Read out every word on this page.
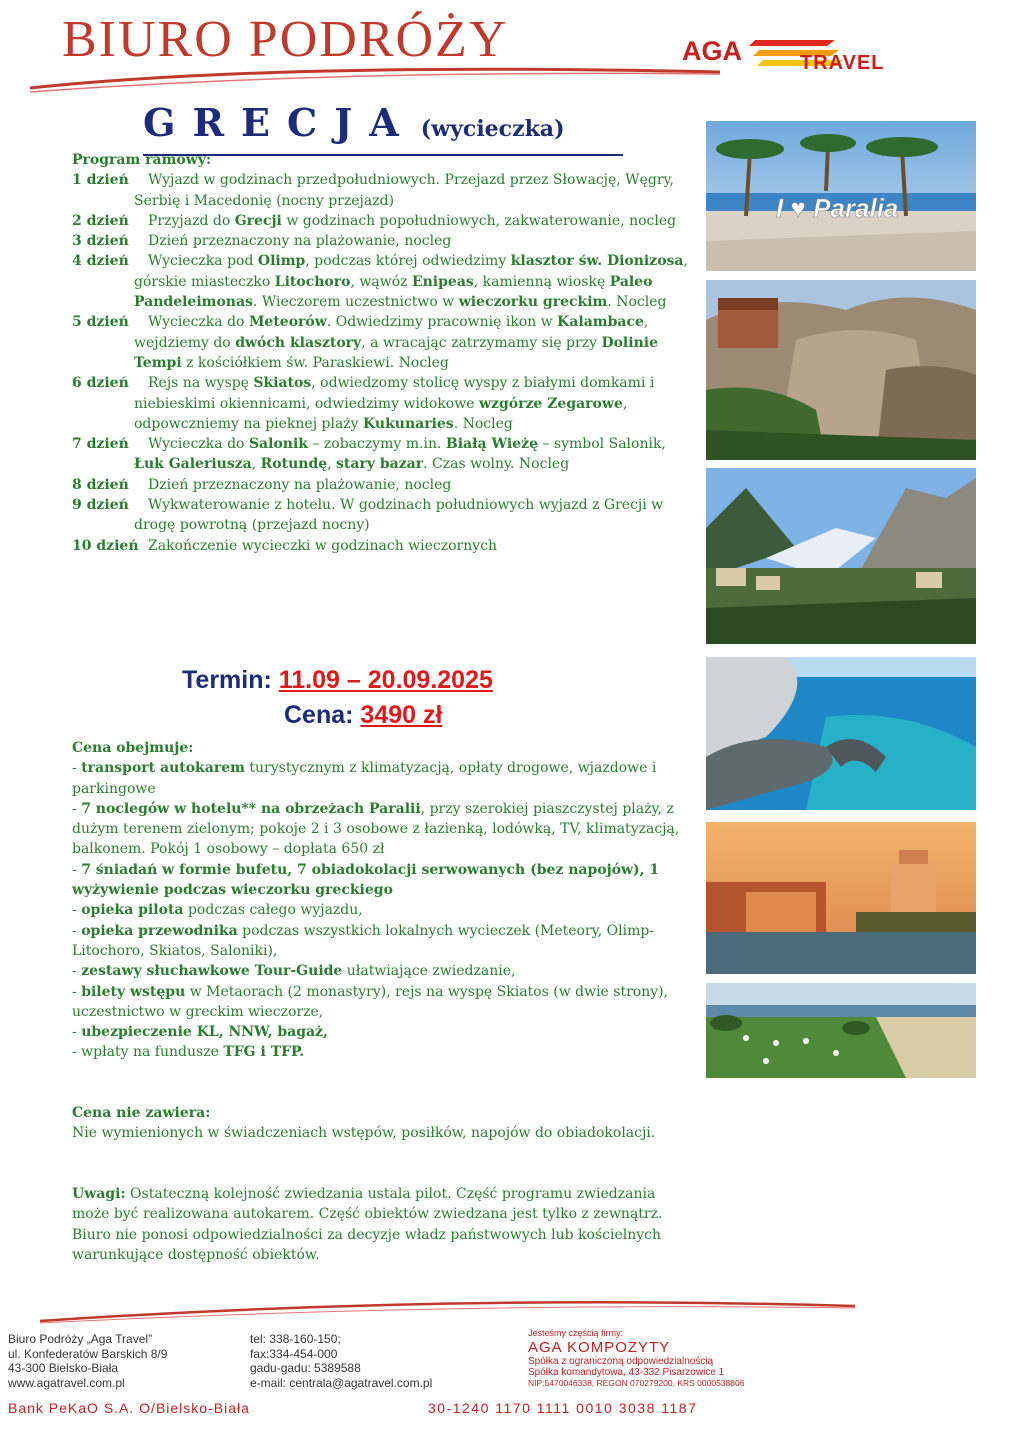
BIURO PODRÓŻY	AGA	TRAVEL
GRECJA (wycieczka)
Program ramowy:
1 dzień Wyjazd w godzinach przedpołudniowych. Przejazd przez Słowację, Węgry, Serbię i Macedonię (nocny przejazd)
2 dzień Przyjazd do Grecji w godzinach popołudniowych, zakwaterowanie, nocleg
3 dzień Dzień przeznaczony na plażowanie, nocleg
4 dzień Wycieczka pod Olimp, podczas której odwiedzimy klasztor św. Dionizosa, górskie miasteczko Litochoro, wąwóz Enipeas, kamienną wioskę Paleo Pandeleimonas. Wieczorem uczestnictwo w wieczorku greckim. Nocleg
5 dzień Wycieczka do Meteorów. Odwiedzimy pracownię ikon w Kalambace, wejdziemy do dwóch klasztory, a wracając zatrzymamy się przy Dolinie Tempi z kościółkiem św. Paraskiewi. Nocleg
6 dzień Rejs na wyspę Skiatos, odwiedzomy stolicę wyspy z białymi domkami i niebieskimi okiennicami, odwiedzimy widokowe wzgórze Zegarowe, odpowczniemy na pieknej plaży Kukunaries. Nocleg
7 dzień Wycieczka do Salonik – zobaczymy m.in. Białą Wieżę – symbol Salonik, Łuk Galeriusza, Rotundę, stary bazar. Czas wolny. Nocleg
8 dzień Dzień przeznaczony na plażowanie, nocleg
9 dzień Wykwaterowanie z hotelu. W godzinach południowych wyjazd z Grecji w drogę powrotną (przejazd nocny)
10 dzień Zakończenie wycieczki w godzinach wieczornych
Termin: 11.09 – 20.09.2025
Cena: 3490 zł
Cena obejmuje:
- transport autokarem turystycznym z klimatyzacją, opłaty drogowe, wjazdowe i parkingowe
- 7 noclegów w hotelu** na obrzeżach Paralii, przy szerokiej piaszczystej plaży, z dużym terenem zielonym; pokoje 2 i 3 osobowe z łazienką, lodówką, TV, klimatyzacją, balkonem. Pokój 1 osobowy – dopłata 650 zł
- 7 śniadań w formie bufetu, 7 obiadokolacji serwowanych (bez napojów), 1 wyżywienie podczas wieczorku greckiego
- opieka pilota podczas całego wyjazdu,
- opieka przewodnika podczas wszystkich lokalnych wycieczek (Meteory, Olimp-Litochoro, Skiatos, Saloniki),
- zestawy słuchawkowe Tour-Guide ułatwiające zwiedzanie,
- bilety wstępu w Metaorach (2 monastyry), rejs na wyspę Skiatos (w dwie strony), uczestnictwo w greckim wieczorze,
- ubezpieczenie KL, NNW, bagaż,
- wpłaty na fundusze TFG i TFP.
Cena nie zawiera:
Nie wymienionych w świadczeniach wstępów, posiłków, napojów do obiadokolacji.
Uwagi: Ostateczną kolejność zwiedzania ustala pilot. Część programu zwiedzania może być realizowana autokarem. Część obiektów zwiedzana jest tylko z zewnątrz. Biuro nie ponosi odpowiedzialności za decyzje władz państwowych lub kościelnych warunkujące dostępność obiektów.
I ♥ Paralia
Biuro Podróży „Aga Travel”
ul. Konfederatów Barskich 8/9
43-300 Bielsko-Biała
www.agatravel.com.pl
tel: 338-160-150;
fax:334-454-000
gadu-gadu: 5389588
e-mail: centrala@agatravel.com.pl
Jesteśmy częścią firmy:
AGA KOMPOZYTY
Spółka z ograniczoną odpowiedzialnością
Spółka komandytowa, 43-332 Pisarzowice 1
NIP:5470046338, REGON 070279200, KRS 0000538806
Bank PeKaO S.A. O/Bielsko-Biała	30-1240 1170 1111 0010 3038 1187
